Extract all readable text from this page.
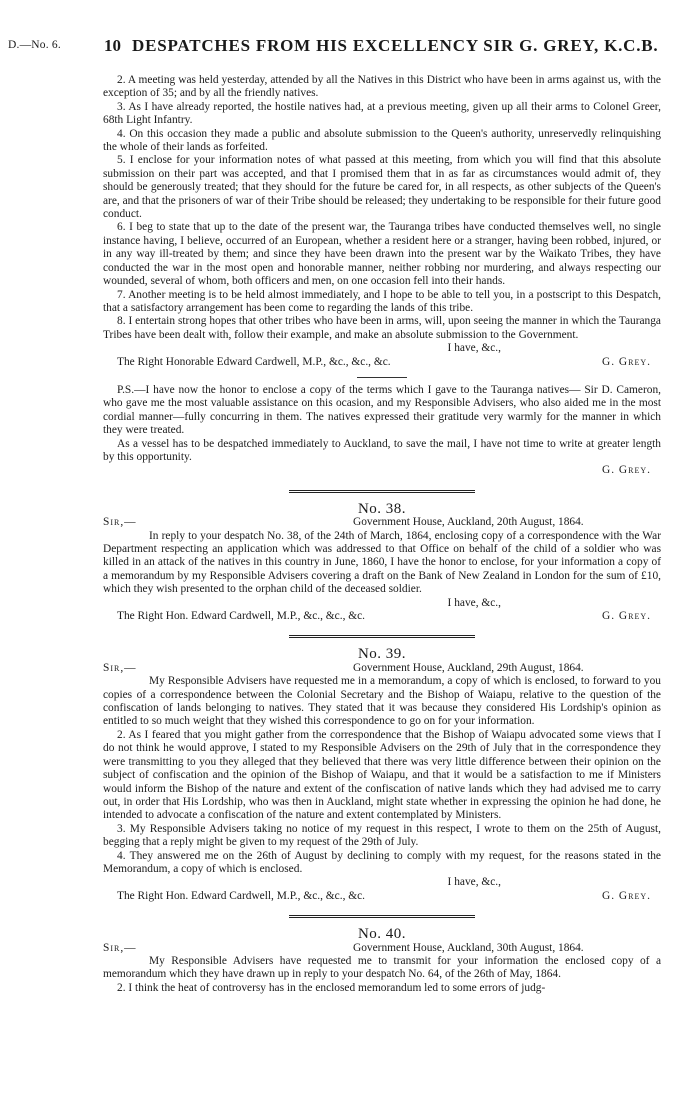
D.—No. 6.	10 DESPATCHES FROM HIS EXCELLENCY SIR G. GREY, K.C.B.

2. A meeting was held yesterday, attended by all the Natives in this District who have been in arms against us, with the exception of 35; and by all the friendly natives.

3. As I have already reported, the hostile natives had, at a previous meeting, given up all their arms to Colonel Greer, 68th Light Infantry.

4. On this occasion they made a public and absolute submission to the Queen's authority, unreservedly relinquishing the whole of their lands as forfeited.

5. I enclose for your information notes of what passed at this meeting, from which you will find that this absolute submission on their part was accepted, and that I promised them that in as far as circumstances would admit of, they should be generously treated; that they should for the future be cared for, in all respects, as other subjects of the Queen's are, and that the prisoners of war of their Tribe should be released; they undertaking to be responsible for their future good conduct.

6. I beg to state that up to the date of the present war, the Tauranga tribes have conducted themselves well, no single instance having, I believe, occurred of an European, whether a resident here or a stranger, having been robbed, injured, or in any way ill-treated by them; and since they have been drawn into the present war by the Waikato Tribes, they have conducted the war in the most open and honorable manner, neither robbing nor murdering, and always respecting our wounded, several of whom, both officers and men, on one occasion fell into their hands.

7. Another meeting is to be held almost immediately, and I hope to be able to tell you, in a postscript to this Despatch, that a satisfactory arrangement has been come to regarding the lands of this tribe.

8. I entertain strong hopes that other tribes who have been in arms, will, upon seeing the manner in which the Tauranga Tribes have been dealt with, follow their example, and make an absolute submission to the Government.

I have, &c.,

The Right Honorable Edward Cardwell, M.P., &c., &c., &c.	G. Grey.

P.S.—I have now the honor to enclose a copy of the terms which I gave to the Tauranga natives— Sir D. Cameron, who gave me the most valuable assistance on this ocasion, and my Responsible Advisers, who also aided me in the most cordial manner—fully concurring in them. The natives expressed their gratitude very warmly for the manner in which they were treated.

As a vessel has to be despatched immediately to Auckland, to save the mail, I have not time to write at greater length by this opportunity.

G. Grey.

No. 38.

Sir,—	Government House, Auckland, 20th August, 1864.

In reply to your despatch No. 38, of the 24th of March, 1864, enclosing copy of a correspondence with the War Department respecting an application which was addressed to that Office on behalf of the child of a soldier who was killed in an attack of the natives in this country in June, 1860, I have the honor to enclose, for your information a copy of a memorandum by my Responsible Advisers covering a draft on the Bank of New Zealand in London for the sum of £10, which they wish presented to the orphan child of the deceased soldier.

I have, &c.,

The Right Hon. Edward Cardwell, M.P., &c., &c., &c.	G. Grey.

No. 39.

Sir,—	Government House, Auckland, 29th August, 1864.

My Responsible Advisers have requested me in a memorandum, a copy of which is enclosed, to forward to you copies of a correspondence between the Colonial Secretary and the Bishop of Waiapu, relative to the question of the confiscation of lands belonging to natives. They stated that it was because they considered His Lordship's opinion as entitled to so much weight that they wished this correspondence to go on for your information.

2. As I feared that you might gather from the correspondence that the Bishop of Waiapu advocated some views that I do not think he would approve, I stated to my Responsible Advisers on the 29th of July that in the correspondence they were transmitting to you they alleged that they believed that there was very little difference between their opinion on the subject of confiscation and the opinion of the Bishop of Waiapu, and that it would be a satisfaction to me if Ministers would inform the Bishop of the nature and extent of the confiscation of native lands which they had advised me to carry out, in order that His Lordship, who was then in Auckland, might state whether in expressing the opinion he had done, he intended to advocate a confiscation of the nature and extent contemplated by Ministers.

3. My Responsible Advisers taking no notice of my request in this respect, I wrote to them on the 25th of August, begging that a reply might be given to my request of the 29th of July.

4. They answered me on the 26th of August by declining to comply with my request, for the reasons stated in the Memorandum, a copy of which is enclosed.

I have, &c.,

The Right Hon. Edward Cardwell, M.P., &c., &c., &c.	G. Grey.

No. 40.

Sir,—	Government House, Auckland, 30th August, 1864.

My Responsible Advisers have requested me to transmit for your information the enclosed copy of a memorandum which they have drawn up in reply to your despatch No. 64, of the 26th of May, 1864.

2. I think the heat of controversy has in the enclosed memorandum led to some errors of judg-
